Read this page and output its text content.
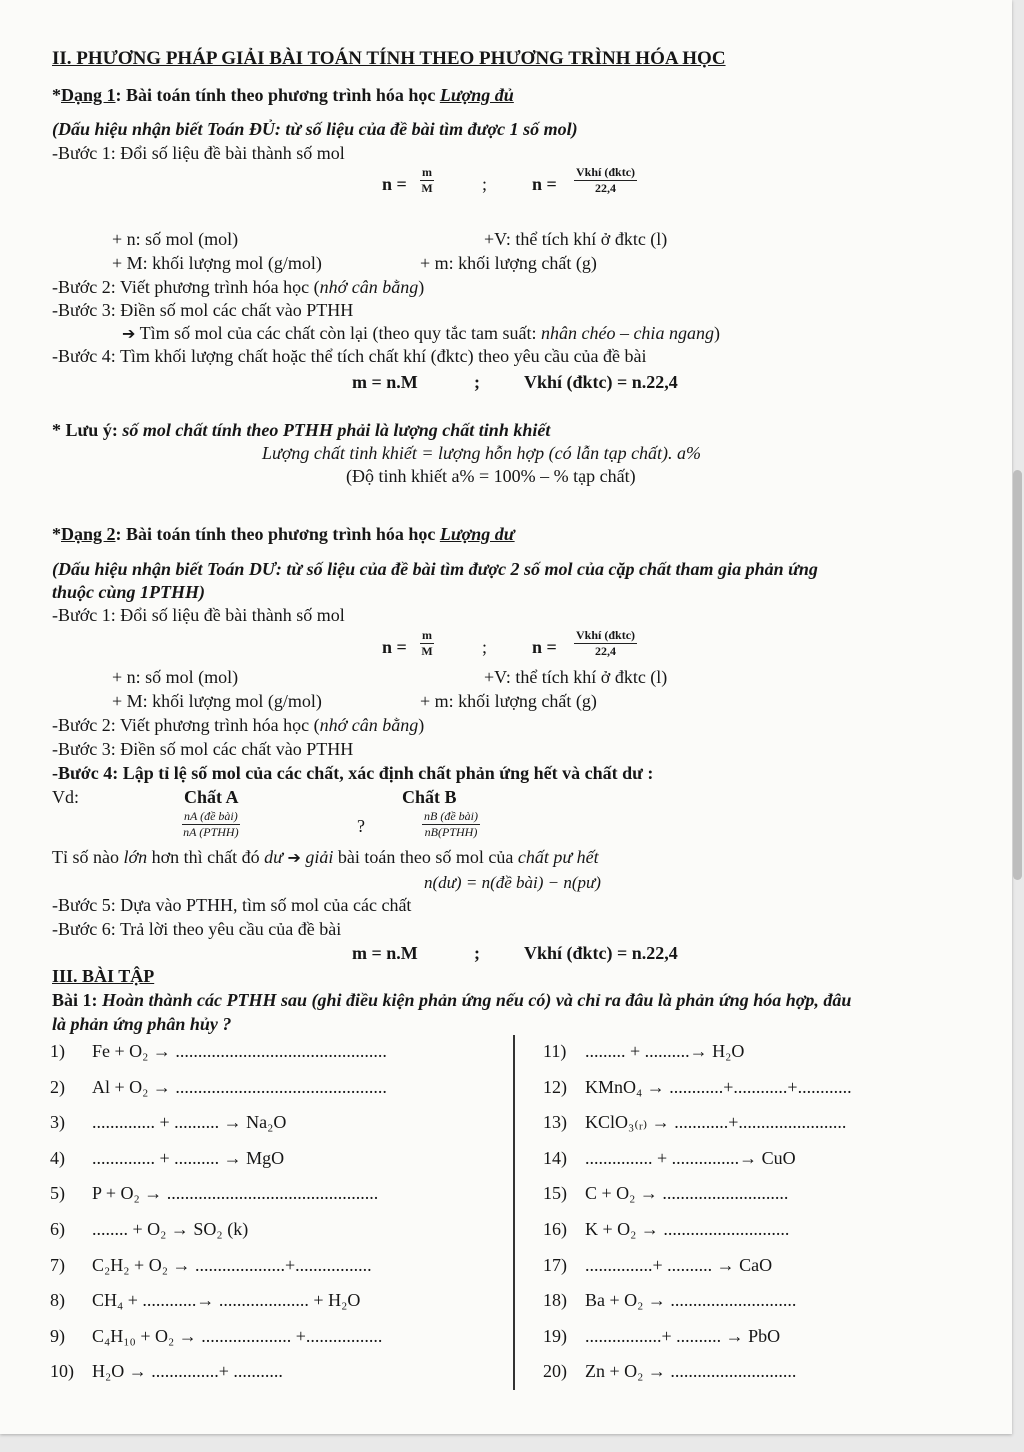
II. PHƯƠNG PHÁP GIẢI BÀI TOÁN TÍNH THEO PHƯƠNG TRÌNH HÓA HỌC
*Dạng 1: Bài toán tính theo phương trình hóa học Lượng đủ
(Dấu hiệu nhận biết Toán ĐỦ: từ số liệu của đề bài tìm được 1 số mol)
-Bước 1: Đổi số liệu đề bài thành số mol
$n = \frac{m}{M}$	; n =
Vkhí (đktc)
22,4
+ n: số mol (mol)	+V: thể tích khí ở đktc (l)
+ M: khối lượng mol (g/mol)	+ m: khối lượng chất (g)
-Bước 2: Viết phương trình hóa học (nhớ cân bằng)
-Bước 3: Điền số mol các chất vào PTHH
➔ Tìm số mol của các chất còn lại (theo quy tắc tam suất: nhân chéo – chia ngang)
-Bước 4: Tìm khối lượng chất hoặc thể tích chất khí (đktc) theo yêu cầu của đề bài
m = n.M	; Vkhí (đktc) = n.22,4
* Lưu ý: số mol chất tính theo PTHH phải là lượng chất tinh khiết
Lượng chất tinh khiết = lượng hỗn hợp (có lẫn tạp chất). a%
(Độ tinh khiết a% = 100% – % tạp chất)
*Dạng 2: Bài toán tính theo phương trình hóa học Lượng dư
(Dấu hiệu nhận biết Toán DƯ: từ số liệu của đề bài tìm được 2 số mol của cặp chất tham gia phản ứng
thuộc cùng 1PTHH)
-Bước 1: Đổi số liệu đề bài thành số mol
$n = \frac{m}{M}$	; n =
Vkhí (đktc)
22,4
+ n: số mol (mol)	+V: thể tích khí ở đktc (l)
+ M: khối lượng mol (g/mol)	+ m: khối lượng chất (g)
-Bước 2: Viết phương trình hóa học (nhớ cân bằng)
-Bước 3: Điền số mol các chất vào PTHH
-Bước 4: Lập tỉ lệ số mol của các chất, xác định chất phản ứng hết và chất dư :
Vd:	Chất A	Chất B
nA (đề bài)
nA (PTHH)	?	nB (đề bài)
nB(PTHH)
Tỉ số nào lớn hơn thì chất đó dư ➔ giải bài toán theo số mol của chất pư hết
n(dư) = n(đề bài) − n(pư)
-Bước 5: Dựa vào PTHH, tìm số mol của các chất
-Bước 6: Trả lời theo yêu cầu của đề bài
m = n.M	; Vkhí (đktc) = n.22,4
III. BÀI TẬP
Bài 1: Hoàn thành các PTHH sau (ghi điều kiện phản ứng nếu có) và chỉ ra đâu là phản ứng hóa hợp, đâu
là phản ứng phân hủy ?
1) Fe + O₂ → ...............................................
2) Al + O₂ → ...............................................
3) .............. + .......... → Na₂O
4) .............. + .......... → MgO
5) P + O₂ → ...............................................
6) ........ + O₂ → SO₂ (k)
7) C₂H₂ + O₂ → ....................+.................
8) CH₄ + ............→ .................... + H₂O
9) C₄H₁₀ + O₂ → .................... +.................
10) H₂O → ...............+ ...........
11) ......... + ..........→ H₂O
12) KMnO₄ → ............+............+............
13) KClO₃₍ᵣ₎ → ............+........................
14) ............... + ...............→ CuO
15) C + O₂ → ............................
16) K + O₂ → ............................
17) ...............+ .......... → CaO
18) Ba + O₂ → ............................
19) .................+ .......... → PbO
20) Zn + O₂ → ............................
